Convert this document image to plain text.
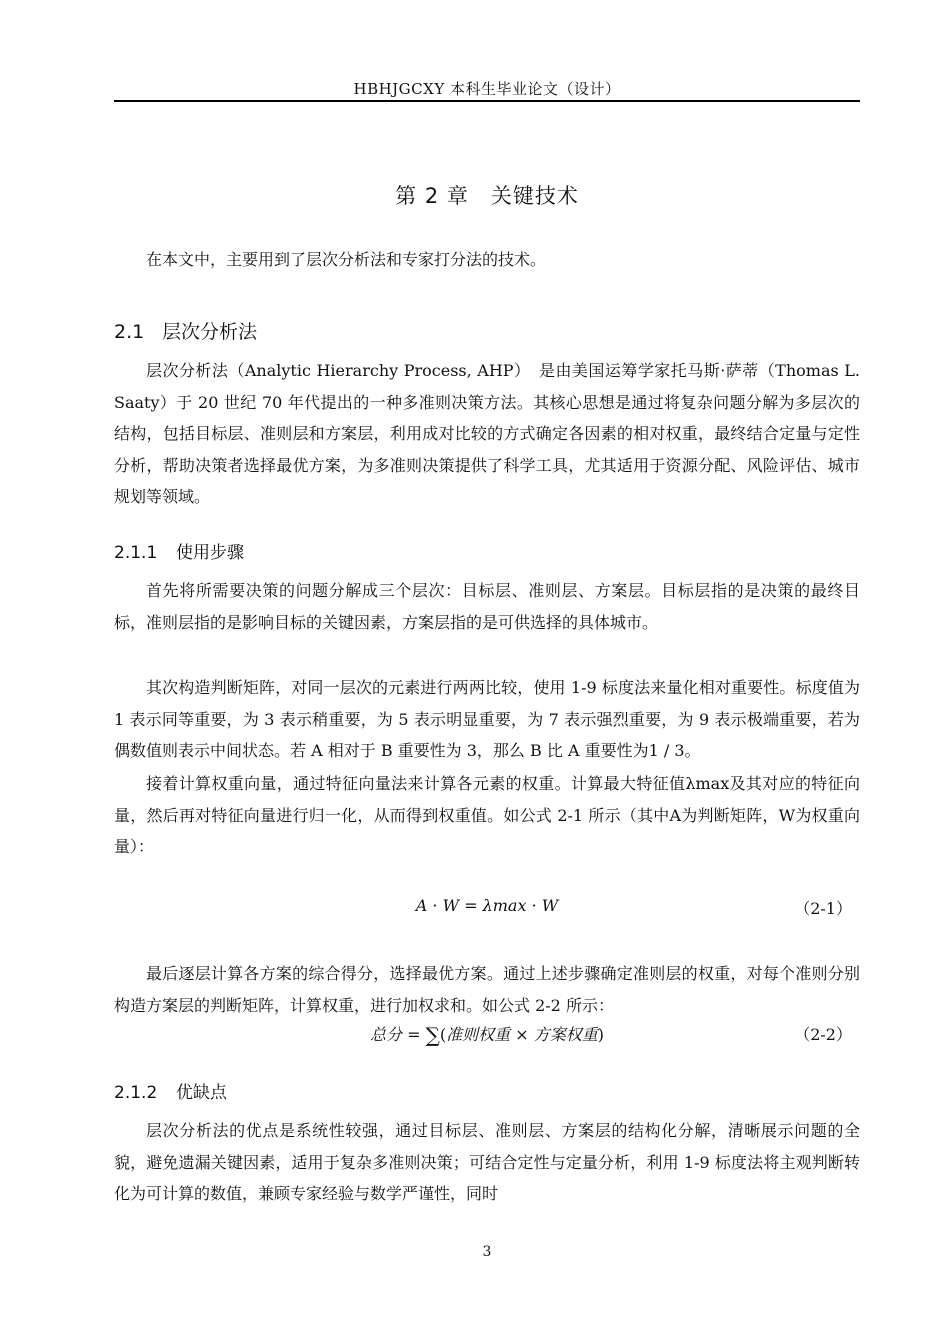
HBHJGCXY 本科生毕业论文（设计）
第 2 章 关键技术
在本文中，主要用到了层次分析法和专家打分法的技术。
2.1 层次分析法
层次分析法（Analytic Hierarchy Process, AHP）　是由美国运筹学家托马斯·萨蒂（Thomas L. Saaty）于 20 世纪 70 年代提出的一种多准则决策方法。其核心思想是通过将复杂问题分解为多层次的结构，包括目标层、准则层和方案层，利用成对比较的方式确定各因素的相对权重，最终结合定量与定性分析，帮助决策者选择最优方案，为多准则决策提供了科学工具，尤其适用于资源分配、风险评估、城市规划等领域。
2.1.1 使用步骤
首先将所需要决策的问题分解成三个层次：目标层、准则层、方案层。目标层指的是决策的最终目标，准则层指的是影响目标的关键因素，方案层指的是可供选择的具体城市。
其次构造判断矩阵，对同一层次的元素进行两两比较，使用 1-9 标度法来量化相对重要性。标度值为 1 表示同等重要，为 3 表示稍重要，为 5 表示明显重要，为 7 表示强烈重要，为 9 表示极端重要，若为偶数值则表示中间状态。若 A 相对于 B 重要性为 3，那么 B 比 A 重要性为1 / 3。
接着计算权重向量，通过特征向量法来计算各元素的权重。计算最大特征值λmax及其对应的特征向量，然后再对特征向量进行归一化，从而得到权重值。如公式 2-1 所示（其中A为判断矩阵，W为权重向量）：
A · W = λmax · W	（2-1）
最后逐层计算各方案的综合得分，选择最优方案。通过上述步骤确定准则层的权重，对每个准则分别构造方案层的判断矩阵，计算权重，进行加权求和。如公式 2-2 所示：
总分 = ∑(准则权重 × 方案权重)	（2-2）
2.1.2 优缺点
层次分析法的优点是系统性较强，通过目标层、准则层、方案层的结构化分解，清晰展示问题的全貌，避免遗漏关键因素，适用于复杂多准则决策；可结合定性与定量分析，利用 1-9 标度法将主观判断转化为可计算的数值，兼顾专家经验与数学严谨性，同时
3
